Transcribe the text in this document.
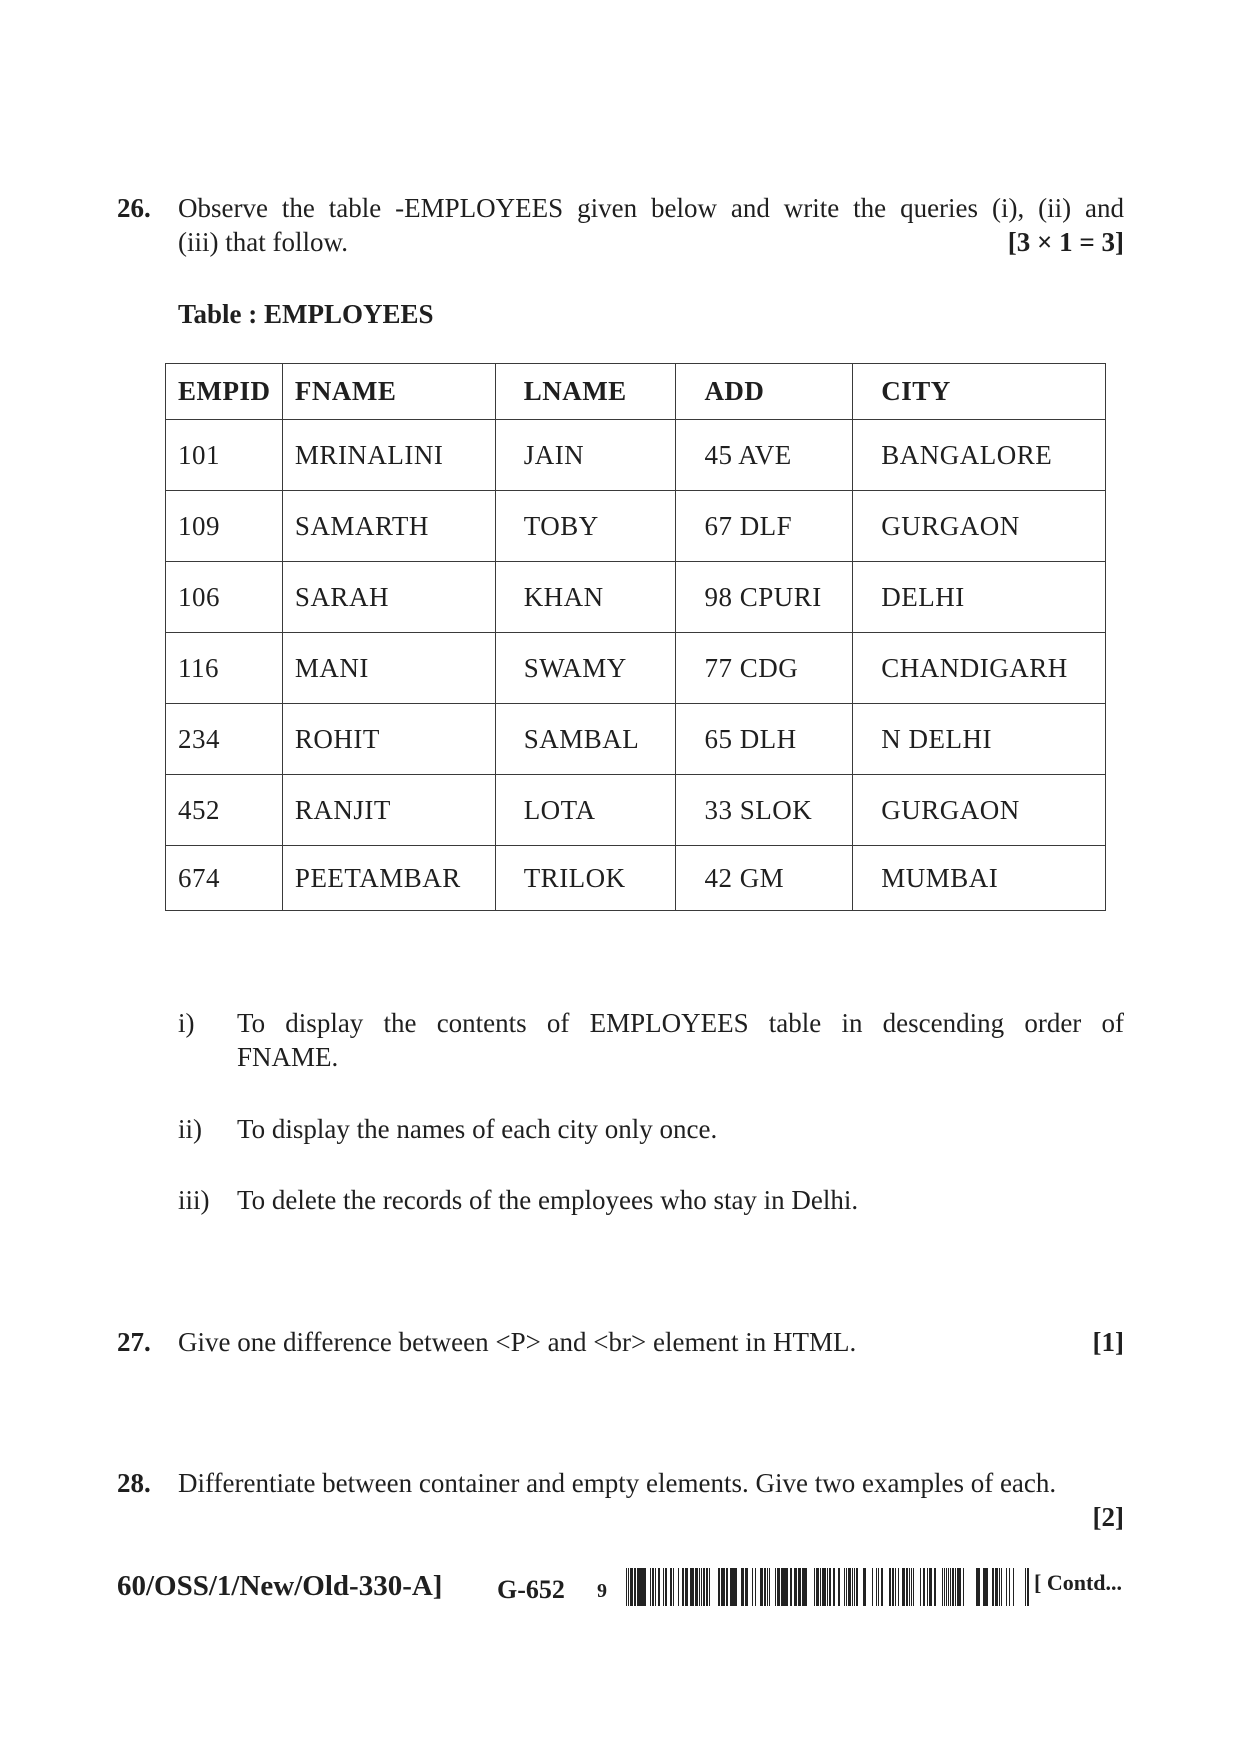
26. Observe the table -EMPLOYEES given below and write the queries (i), (ii) and
(iii) that follow.	[3 × 1 = 3]
Table : EMPLOYEES
EMPID	FNAME	LNAME	ADD	CITY
101	MRINALINI	JAIN	45 AVE	BANGALORE
109	SAMARTH	TOBY	67 DLF	GURGAON
106	SARAH	KHAN	98 CPURI	DELHI
116	MANI	SWAMY	77 CDG	CHANDIGARH
234	ROHIT	SAMBAL	65 DLH	N DELHI
452	RANJIT	LOTA	33 SLOK	GURGAON
674	PEETAMBAR	TRILOK	42 GM	MUMBAI
i) To display the contents of EMPLOYEES table in descending order of
FNAME.
ii) To display the names of each city only once.
iii) To delete the records of the employees who stay in Delhi.
27. Give one difference between <P> and <br> element in HTML.	[1]
28. Differentiate between container and empty elements. Give two examples of each.
[2]
60/OSS/1/New/Old-330-A] G-652 9	[ Contd...
